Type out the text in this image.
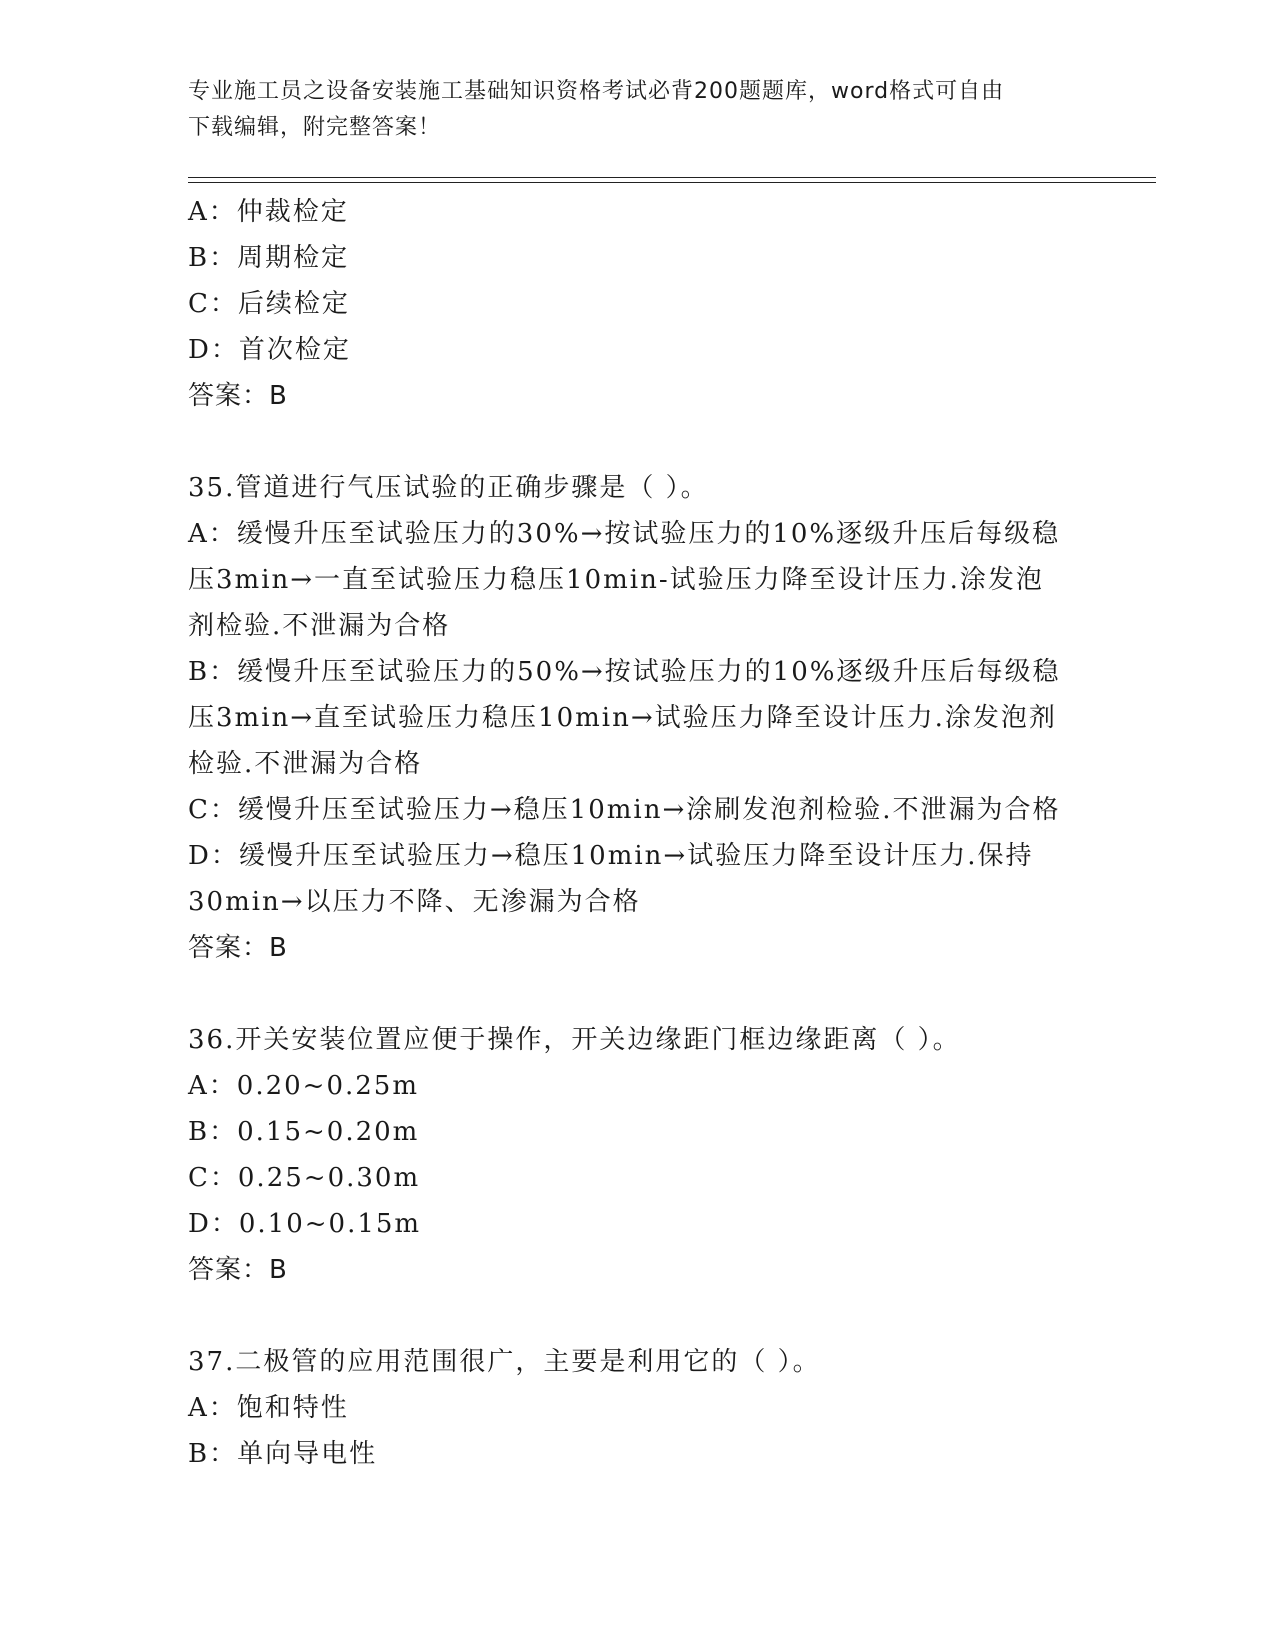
专业施工员之设备安装施工基础知识资格考试必背200题题库，word格式可自由
下载编辑，附完整答案！
A：仲裁检定
B：周期检定
C：后续检定
D：首次检定
答案：B
35.管道进行气压试验的正确步骤是（ ）。
A：缓慢升压至试验压力的30%→按试验压力的10%逐级升压后每级稳
压3min→一直至试验压力稳压10min-试验压力降至设计压力.涂发泡
剂检验.不泄漏为合格
B：缓慢升压至试验压力的50%→按试验压力的10%逐级升压后每级稳
压3min→直至试验压力稳压10min→试验压力降至设计压力.涂发泡剂
检验.不泄漏为合格
C：缓慢升压至试验压力→稳压10min→涂刷发泡剂检验.不泄漏为合格
D：缓慢升压至试验压力→稳压10min→试验压力降至设计压力.保持
30min→以压力不降、无渗漏为合格
答案：B
36.开关安装位置应便于操作，开关边缘距门框边缘距离（ ）。
A：0.20~0.25m
B：0.15~0.20m
C：0.25~0.30m
D：0.10~0.15m
答案：B
37.二极管的应用范围很广，主要是利用它的（ ）。
A：饱和特性
B：单向导电性
